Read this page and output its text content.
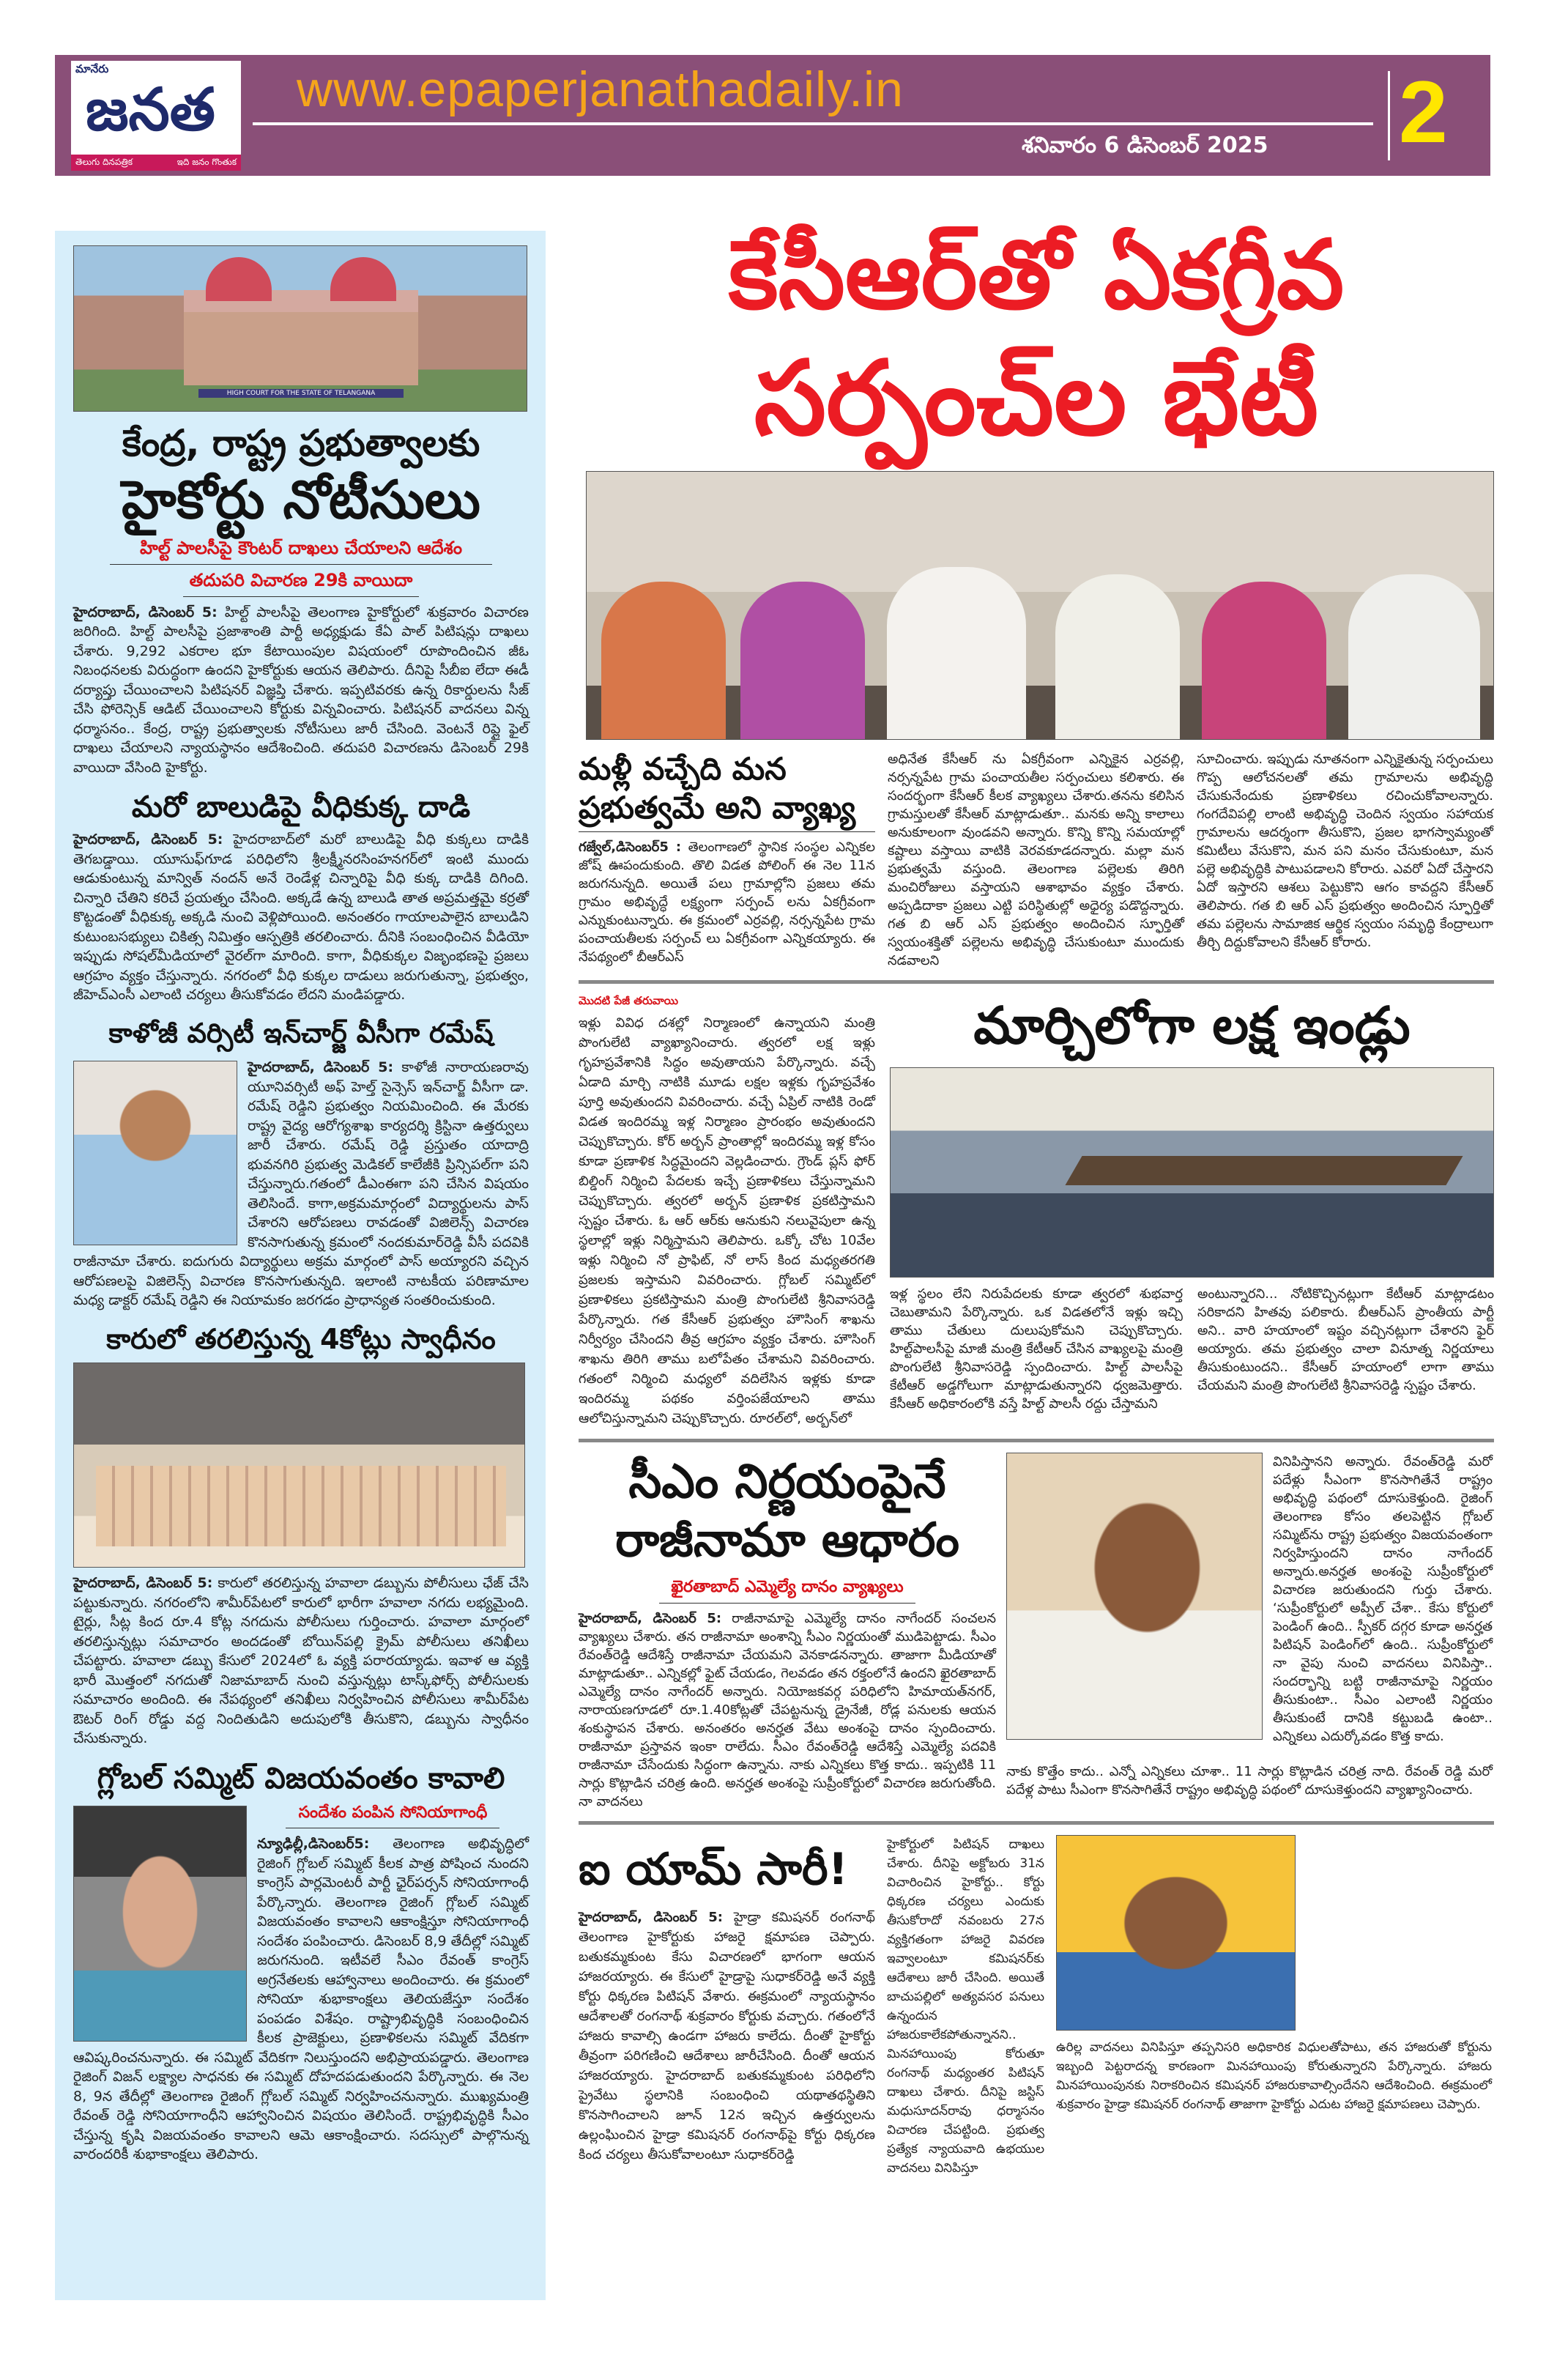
మానేరు
జనత
తెలుగు దినపత్రిక	ఇది జనం గొంతుక
www.epaperjanathadaily.in
శనివారం 6 డిసెంబర్ 2025 2
HIGH COURT FOR THE STATE OF TELANGANA
కేంద్ర, రాష్ట్ర ప్రభుత్వాలకు
హైకోర్టు నోటీసులు
హిల్ట్ పాలసీపై కౌంటర్ దాఖలు చేయాలని ఆదేశం
తదుపరి విచారణ 29కి వాయిదా
హైదరాబాద్, డిసెంబర్ 5: హిల్ట్ పాలసీపై తెలంగాణ హైకోర్టులో శుక్రవారం విచారణ జరిగింది. హిల్ట్ పాలసీపై ప్రజాశాంతి పార్టీ అధ్యక్షుడు కేఏ పాల్ పిటిషన్లు దాఖలు చేశారు. 9,292 ఎకరాల భూ కేటాయింపుల విషయంలో రూపొందించిన జీఓ నిబంధనలకు విరుద్ధంగా ఉందని హైకోర్టుకు ఆయన తెలిపారు. దీనిపై సీబీఐ లేదా ఈడీ దర్యాప్తు చేయించాలని పిటిషనర్ విజ్ఞప్తి చేశారు. ఇప్పటివరకు ఉన్న రికార్డులను సీజ్ చేసి ఫోరెన్సిక్ ఆడిట్ చేయించాలని కోర్టుకు విన్నవించారు. పిటిషనర్ వాదనలు విన్న ధర్మాసనం.. కేంద్ర, రాష్ట్ర ప్రభుత్వాలకు నోటీసులు జారీ చేసింది. వెంటనే రిప్లై ఫైల్ దాఖలు చేయాలని న్యాయస్థానం ఆదేశించింది. తదుపరి విచారణను డిసెంబర్ 29కి వాయిదా వేసింది హైకోర్టు.
మరో బాలుడిపై వీధికుక్క దాడి
హైదరాబాద్, డిసెంబర్ 5: హైదరాబాద్‌లో మరో బాలుడిపై వీధి కుక్కలు దాడికి తెగబడ్డాయి. యూసుఫ్‌గూడ పరిధిలోని శ్రీలక్ష్మీనరసింహనగర్‌లో ఇంటి ముందు ఆడుకుంటున్న మాన్విత్ నందన్ అనే రెండేళ్ల చిన్నారిపై వీధి కుక్క దాడికి దిగింది. చిన్నారి చేతిని కరిచే ప్రయత్నం చేసింది. అక్కడే ఉన్న బాలుడి తాత అప్రమత్తమై కర్రతో కొట్టడంతో వీధికుక్క అక్కడి నుంచి వెళ్లిపోయింది. అనంతరం గాయాలపాలైన బాలుడిని కుటుంబసభ్యులు చికిత్స నిమిత్తం ఆస్పత్రికి తరలించారు. దీనికి సంబంధించిన వీడియో ఇప్పుడు సోషల్‌మీడియాలో వైరల్‌గా మారింది. కాగా, వీధికుక్కల విజృంభణపై ప్రజలు ఆగ్రహం వ్యక్తం చేస్తున్నారు. నగరంలో వీధి కుక్కల దాడులు జరుగుతున్నా, ప్రభుత్వం, జీహెచ్‌ఎంసీ ఎలాంటి చర్యలు తీసుకోవడం లేదని మండిపడ్డారు.
కాళోజీ వర్సిటీ ఇన్‌చార్జ్ వీసీగా రమేష్
హైదరాబాద్, డిసెంబర్ 5: కాళోజీ నారాయణరావు యూనివర్సిటీ అఫ్ హెల్త్ సైన్సెస్ ఇన్‌చార్జ్ వీసీగా డా. రమేష్ రెడ్డిని ప్రభుత్వం నియమించింది. ఈ మేరకు రాష్ట్ర వైద్య ఆరోగ్యశాఖ కార్యదర్శి క్రిస్టినా ఉత్తర్వులు జారీ చేశారు. రమేష్ రెడ్డి ప్రస్తుతం యాదాద్రి భువనగిరి ప్రభుత్వ మెడికల్ కాలేజీకి ప్రిన్సిపల్‌గా పని చేస్తున్నారు.గతంలో డీఎంఈగా పని చేసిన విషయం తెలిసిందే. కాగా,అక్రమమార్గంలో విద్యార్థులను పాస్ చేశారని ఆరోపణలు రావడంతో విజిలెన్స్ విచారణ కొనసాగుతున్న క్రమంలో నందకుమార్‌రెడ్డి వీసీ పదవికి రాజీనామా చేశారు. ఐదుగురు విద్యార్థులు అక్రమ మార్గంలో పాస్ అయ్యారని వచ్చిన ఆరోపణలపై విజిలెన్స్ విచారణ కొనసాగుతున్నది. ఇలాంటి నాటకీయ పరిణామాల మధ్య డాక్టర్ రమేష్ రెడ్డిని ఈ నియామకం జరగడం ప్రాధాన్యత సంతరించుకుంది.
కారులో తరలిస్తున్న 4కోట్లు స్వాధీనం
హైదరాబాద్, డిసెంబర్ 5: కారులో తరలిస్తున్న హవాలా డబ్బును పోలీసులు ఛేజ్ చేసి పట్టుకున్నారు. నగరంలోని శామీర్‌పేటలో కారులో భారీగా హవాలా నగదు లభ్యమైంది. టైర్లు, సీట్ల కింద రూ.4 కోట్ల నగదును పోలీసులు గుర్తించారు. హవాలా మార్గంలో తరలిస్తున్నట్లు సమాచారం అందడంతో బోయిన్‌పల్లి క్రైమ్ పోలీసులు తనిఖీలు చేపట్టారు. హవాలా డబ్బు కేసులో 2024లో ఓ వ్యక్తి పరారయ్యాడు. ఇవాళ ఆ వ్యక్తి భారీ మొత్తంలో నగదుతో నిజామాబాద్ నుంచి వస్తున్నట్లు టాస్క్‌ఫోర్స్ పోలీసులకు సమాచారం అందింది. ఈ నేపథ్యంలో తనిఖీలు నిర్వహించిన పోలీసులు శామీర్‌పేట ఔటర్ రింగ్ రోడ్డు వద్ద నిందితుడిని అదుపులోకి తీసుకొని, డబ్బును స్వాధీనం చేసుకున్నారు.
గ్లోబల్ సమ్మిట్ విజయవంతం కావాలి
సందేశం పంపిన సోనియాగాంధీ
న్యూఢిల్లీ,డిసెంబర్5: తెలంగాణ అభివృద్ధిలో రైజింగ్ గ్లోబల్ సమ్మిట్ కీలక పాత్ర పోషించ నుందని కాంగ్రెస్ పార్లమెంటరీ పార్టీ ఛైర్‌పర్సన్ సోనియాగాంధీ పేర్కొన్నారు. తెలంగాణ రైజింగ్ గ్లోబల్ సమ్మిట్ విజయవంతం కావాలని ఆకాంక్షిస్తూ సోనియాగాంధీ సందేశం పంపించారు. డిసెంబర్ 8,9 తేదీల్లో సమ్మిట్ జరుగనుంది. ఇటీవలే సీఎం రేవంత్ కాంగ్రెస్ అగ్రనేతలకు ఆహ్వానాలు అందించారు. ఈ క్రమంలో సోనియా శుభాకాంక్షలు తెలియజేస్తూ సందేశం పంపడం విశేషం. రాష్ట్రాభివృద్ధికి సంబంధించిన కీలక ప్రాజెక్టులు, ప్రణాళికలను సమ్మిట్ వేదికగా ఆవిష్కరించనున్నారు. ఈ సమ్మిట్ వేదికగా నిలుస్తుందని అభిప్రాయపడ్డారు. తెలంగాణ రైజింగ్ విజన్ లక్ష్యాల సాధనకు ఈ సమ్మిట్ దోహదపడుతుందని పేర్కొన్నారు. ఈ నెల 8, 9న తేదీల్లో తెలంగాణ రైజింగ్ గ్లోబల్ సమ్మిట్ నిర్వహించనున్నారు. ముఖ్యమంత్రి రేవంత్ రెడ్డి సోనియాగాంధీని ఆహ్వానించిన విషయం తెలిసిందే. రాష్ట్రభివృద్ధికి సీఎం చేస్తున్న కృషి విజయవంతం కావాలని ఆమె ఆకాంక్షించారు. సదస్సులో పాల్గొనున్న వారందరికీ శుభాకాంక్షలు తెలిపారు.
కేసీఆర్‌తో ఏకగ్రీవ
సర్పంచ్‌ల భేటీ
మళ్లీ వచ్చేది మన
ప్రభుత్వమే అని వ్యాఖ్య
గజ్వేల్,డిసెంబర్5 : తెలంగాణలో స్థానిక సంస్థల ఎన్నికల జోష్ ఊపందుకుంది. తొలి విడత పోలింగ్ ఈ నెల 11న జరుగనున్నది. అయితే పలు గ్రామాల్లోని ప్రజలు తమ గ్రామం అభివృద్ధే లక్ష్యంగా సర్పంచ్ లను ఏకగ్రీవంగా ఎన్నుకుంటున్నారు. ఈ క్రమంలో ఎర్రవల్లి, నర్సన్నపేట గ్రామ పంచాయతీలకు సర్పంచ్ లు ఏకగ్రీవంగా ఎన్నికయ్యారు. ఈ నేపథ్యంలో బీఆర్‌ఎస్
అధినేత కేసీఆర్ ను ఏకగ్రీవంగా ఎన్నికైన ఎర్రవల్లి, నర్సన్నపేట గ్రామ పంచాయతీల సర్పంచులు కలిశారు. ఈ సందర్భంగా కేసీఆర్ కీలక వ్యాఖ్యలు చేశారు.తనను కలిసిన గ్రామస్తులతో కేసీఆర్ మాట్లాడుతూ.. మనకు అన్ని కాలాలు అనుకూలంగా వుండవని అన్నారు. కొన్ని కొన్ని సమయాల్లో కష్టాలు వస్తాయి వాటికి వెరవకూడదన్నారు. మల్లా మన ప్రభుత్వమే వస్తుంది. తెలంగాణ పల్లెలకు తిరిగి మంచిరోజులు వస్తాయని ఆశాభావం వ్యక్తం చేశారు. అప్పడిదాకా ప్రజలు ఎట్టి పరిస్థితుల్లో అధైర్య పడొద్దన్నారు. గత బి ఆర్ ఎస్ ప్రభుత్వం అందించిన స్ఫూర్తితో స్వయంశక్తితో పల్లెలను అభివృద్ధి చేసుకుంటూ ముందుకు నడవాలని
సూచించారు. ఇప్పుడు నూతనంగా ఎన్నికైతున్న సర్పంచులు గొప్ప ఆలోచనలతో తమ గ్రామాలను అభివృద్ధి చేసుకునేందుకు ప్రణాళికలు రచించుకోవాలన్నారు. గంగదేవిపల్లి లాంటి అభివృద్ధి చెందిన స్వయం సహాయక గ్రామాలను ఆదర్శంగా తీసుకొని, ప్రజల భాగస్వామ్యంతో కమిటీలు వేసుకొని, మన పని మనం చేసుకుంటూ, మన పల్లె అభివృద్ధికి పాటుపడాలని కోరారు. ఎవరో ఏదో చేస్తారని ఏదో ఇస్తారని ఆశలు పెట్టుకొని ఆగం కావద్దని కేసీఆర్ తెలిపారు. గత బి ఆర్ ఎస్ ప్రభుత్వం అందించిన స్ఫూర్తితో తమ పల్లెలను సామాజిక ఆర్థిక స్వయం సమృద్ధి కేంద్రాలుగా తీర్చి దిద్దుకోవాలని కేసీఆర్ కోరారు.
మొదటి పేజీ తరువాయి
ఇళ్లు వివిధ దశల్లో నిర్మాణంలో ఉన్నాయని మంత్రి పొంగులేటి వ్యాఖ్యానించారు. త్వరలో లక్ష ఇళ్లు గృహప్రవేశానికి సిద్ధం అవుతాయని పేర్కొన్నారు. వచ్చే ఏడాది మార్చి నాటికి మూడు లక్షల ఇళ్లకు గృహప్రవేశం పూర్తి అవుతుందని వివరించారు. వచ్చే ఏప్రిల్ నాటికి రెండో విడత ఇందిరమ్మ ఇళ్ల నిర్మాణం ప్రారంభం అవుతుందని చెప్పుకొచ్చారు. కోర్ అర్బన్ ప్రాంతాల్లో ఇందిరమ్మ ఇళ్ల కోసం కూడా ప్రణాళిక సిద్ధమైందని వెల్లడించారు. గ్రౌండ్ ప్లస్ ఫోర్ బిల్డింగ్ నిర్మించి పేదలకు ఇచ్చే ప్రణాళికలు చేస్తున్నామని చెప్పుకొచ్చారు. త్వరలో అర్బన్ ప్రణాళిక ప్రకటిస్తామని స్పష్టం చేశారు. ఓ ఆర్ ఆర్‌కు ఆనుకుని నలువైపులా ఉన్న స్థలాల్లో ఇళ్లు నిర్మిస్తామని తెలిపారు. ఒక్కో చోట 10వేల ఇళ్లు నిర్మించి నో ప్రాఫిట్, నో లాస్ కింద మధ్యతరగతి ప్రజలకు ఇస్తామని వివరించారు. గ్లోబల్ సమ్మిట్‌లో ప్రణాళికలు ప్రకటిస్తామని మంత్రి పొంగులేటి శ్రీనివాసరెడ్డి పేర్కొన్నారు. గత కేసీఆర్ ప్రభుత్వం హౌసింగ్ శాఖను నిర్వీర్యం చేసిందని తీవ్ర ఆగ్రహం వ్యక్తం చేశారు. హౌసింగ్ శాఖను తిరిగి తాము బలోపేతం చేశామని వివరించారు. గతంలో నిర్మించి మధ్యలో వదిలేసిన ఇళ్లకు కూడా ఇందిరమ్మ పథకం వర్తింపజేయాలని తాము ఆలోచిస్తున్నామని చెప్పుకొచ్చారు. రూరల్‌లో, అర్బన్‌లో
మార్చిలోగా లక్ష ఇండ్లు
ఇళ్ల స్థలం లేని నిరుపేదలకు కూడా త్వరలో శుభవార్త చెబుతామని పేర్కొన్నారు. ఒక విడతలోనే ఇళ్లు ఇచ్చి తాము చేతులు దులుపుకోమని చెప్పుకొచ్చారు. హిల్ట్‌పాలసీపై మాజీ మంత్రి కేటీఆర్ చేసిన వాఖ్యలపై మంత్రి పొంగులేటి శ్రీనివాసరెడ్డి స్పందించారు. హిల్ట్ పాలసీపై కేటీఆర్ అడ్డగోలుగా మాట్లాడుతున్నారని ధ్వజమెత్తారు. కేసీఆర్ అధికారంలోకి వస్తే హిల్ట్ పాలసీ రద్దు చేస్తామని
అంటున్నారని... నోటికొచ్చినట్లుగా కేటీఆర్ మాట్లాడటం సరికాదని హితవు పలికారు. బీఆర్‌ఎస్ ప్రాంతీయ పార్టీ అని.. వారి హయాంలో ఇష్టం వచ్చినట్లుగా చేశారని ఫైర్ అయ్యారు. తమ ప్రభుత్వం చాలా వినూత్న నిర్ణయాలు తీసుకుంటుందని.. కేసీఆర్ హయాంలో లాగా తాము చేయమని మంత్రి పొంగులేటి శ్రీనివాసరెడ్డి స్పష్టం చేశారు.
సీఎం నిర్ణయంపైనే
రాజీనామా ఆధారం
ఖైరతాబాద్ ఎమ్మెల్యే దానం వ్యాఖ్యలు
హైదరాబాద్, డిసెంబర్ 5: రాజీనామాపై ఎమ్మెల్యే దానం నాగేందర్ సంచలన వ్యాఖ్యలు చేశారు. తన రాజీనామా అంశాన్ని సీఎం నిర్ణయంతో ముడిపెట్టాడు. సీఎం రేవంత్‌రెడ్డి ఆదేశిస్తే రాజీనామా చేయమని వెనకాడనన్నారు. తాజాగా మీడియాతో మాట్లాడుతూ.. ఎన్నికల్లో ఫైట్ చేయడం, గెలవడం తన రక్తంలోనే ఉందని ఖైరతాబాద్ ఎమ్మెల్యే దానం నాగేందర్ అన్నారు. నియోజకవర్గ పరిధిలోని హిమాయత్‌నగర్, నారాయణగూడలో రూ.1.40కోట్లతో చేపట్టనున్న డ్రైనేజీ, రోడ్ల పనులకు ఆయన శంకుస్థాపన చేశారు. అనంతరం అనర్హత వేటు అంశంపై దానం స్పందించారు. రాజీనామా ప్రస్తావన ఇంకా రాలేదు. సీఎం రేవంత్‌రెడ్డి ఆదేశిస్తే ఎమ్మెల్యే పదవికి రాజీనామా చేసేందుకు సిద్ధంగా ఉన్నాను. నాకు ఎన్నికలు కొత్త కాదు.. ఇప్పటికి 11 సార్లు కొట్లాడిన చరిత్ర ఉంది. అనర్హత అంశంపై సుప్రీంకోర్టులో విచారణ జరుగుతోంది. నా వాదనలు
వినిపిస్తానని అన్నారు. రేవంత్‌రెడ్డి మరో పదేళ్లు సీఎంగా కొనసాగితేనే రాష్ట్రం అభివృద్ధి పథంలో దూసుకెళ్తుంది. రైజింగ్ తెలంగాణ కోసం తలపెట్టిన గ్లోబల్ సమ్మిట్‌ను రాష్ట్ర ప్రభుత్వం విజయవంతంగా నిర్వహిస్తుందని దానం నాగేందర్ అన్నారు.అనర్హత అంశంపై సుప్రీంకోర్టులో విచారణ జరుతుందని గుర్తు చేశారు. ‘సుప్రీంకోర్టులో అప్పీల్ చేశా.. కేసు కోర్టులో పెండింగ్ ఉంది.. స్పీకర్ దగ్గర కూడా అనర్హత పిటిషన్ పెండింగ్‌లో ఉంది.. సుప్రీంకోర్టులో నా వైపు నుంచి వాదనలు వినిపిస్తా.. సందర్భాన్ని బట్టి రాజీనామాపై నిర్ణయం తీసుకుంటా.. సీఎం ఎలాంటి నిర్ణయం తీసుకుంటే దానికి కట్టుబడి ఉంటా.. ఎన్నికలు ఎదుర్కోవడం కొత్త కాదు.
నాకు కొత్తేం కాదు.. ఎన్నో ఎన్నికలు చూశా.. 11 సార్లు కొట్లాడిన చరిత్ర నాది. రేవంత్ రెడ్డి మరో పదేళ్ల పాటు సీఎంగా కొనసాగితేనే రాష్ట్రం అభివృద్ధి పథంలో దూసుకెళ్తుందని వ్యాఖ్యానించారు.
ఐ యామ్ సారీ!
హైదరాబాద్, డిసెంబర్ 5: హైడ్రా కమిషనర్ రంగనాథ్ తెలంగాణ హైకోర్టుకు హాజరై క్షమాపణ చెప్పారు. బతుకమ్మకుంట కేసు విచారణలో భాగంగా ఆయన హాజరయ్యారు. ఈ కేసులో హైడ్రాపై సుధాకర్‌రెడ్డి అనే వ్యక్తి కోర్టు ధిక్కరణ పిటిషన్ వేశారు. ఈక్రమంలో న్యాయస్థానం ఆదేశాలతో రంగనాథ్ శుక్రవారం కోర్టుకు వచ్చారు. గతంలోనే హాజరు కావాల్సి ఉండగా హాజరు కాలేదు. దీంతో హైకోర్టు తీవ్రంగా పరిగణించి ఆదేశాలు జారీచేసింది. దీంతో ఆయన హాజరయ్యారు. హైదరాబాద్ బతుకమ్మకుంట పరిధిలోని ప్రైవేటు స్థలానికి సంబంధించి యథాతథస్థితిని కొనసాగించాలని జూన్ 12న ఇచ్చిన ఉత్తర్వులను ఉల్లంఘించిన హైడ్రా కమిషనర్ రంగనాథ్‌పై కోర్టు ధిక్కరణ కింద చర్యలు తీసుకోవాలంటూ సుధాకర్‌రెడ్డి
హైకోర్టులో పిటిషన్ దాఖలు చేశారు. దీనిపై అక్టోబరు 31న విచారించిన హైకోర్టు.. కోర్టు ధిక్కరణ చర్యలు ఎందుకు తీసుకోరాదో నవంబరు 27న వ్యక్తిగతంగా హాజరై వివరణ ఇవ్వాలంటూ కమిషనర్‌కు ఆదేశాలు జారీ చేసింది. అయితే బాచుపల్లిలో అత్యవసర పనులు ఉన్నందున హాజరుకాలేకపోతున్నానని.. మినహాయింపు కోరుతూ రంగనాథ్ మధ్యంతర పిటిషన్ దాఖలు చేశారు. దీనిపై జస్టిస్ మధుసూదన్‌రావు ధర్మాసనం విచారణ చేపట్టింది. ప్రభుత్వ ప్రత్యేక న్యాయవాది ఉభయుల వాదనలు వినిపిస్తూ
ఉరిల్ల వాదనలు వినిపిస్తూ తప్పనిసరి అధికారిక విధులతోపాటు, తన హాజరుతో కోర్టును ఇబ్బంది పెట్టరాదన్న కారణంగా మినహాయింపు కోరుతున్నారని పేర్కొన్నారు. హాజరు మినహాయింపునకు నిరాకరించిన కమిషనర్ హాజరుకావాల్సిందేనని ఆదేశించింది. ఈక్రమంలో శుక్రవారం హైడ్రా కమిషనర్ రంగనాథ్ తాజాగా హైకోర్టు ఎదుట హాజరై క్షమాపణలు చెప్పారు.
